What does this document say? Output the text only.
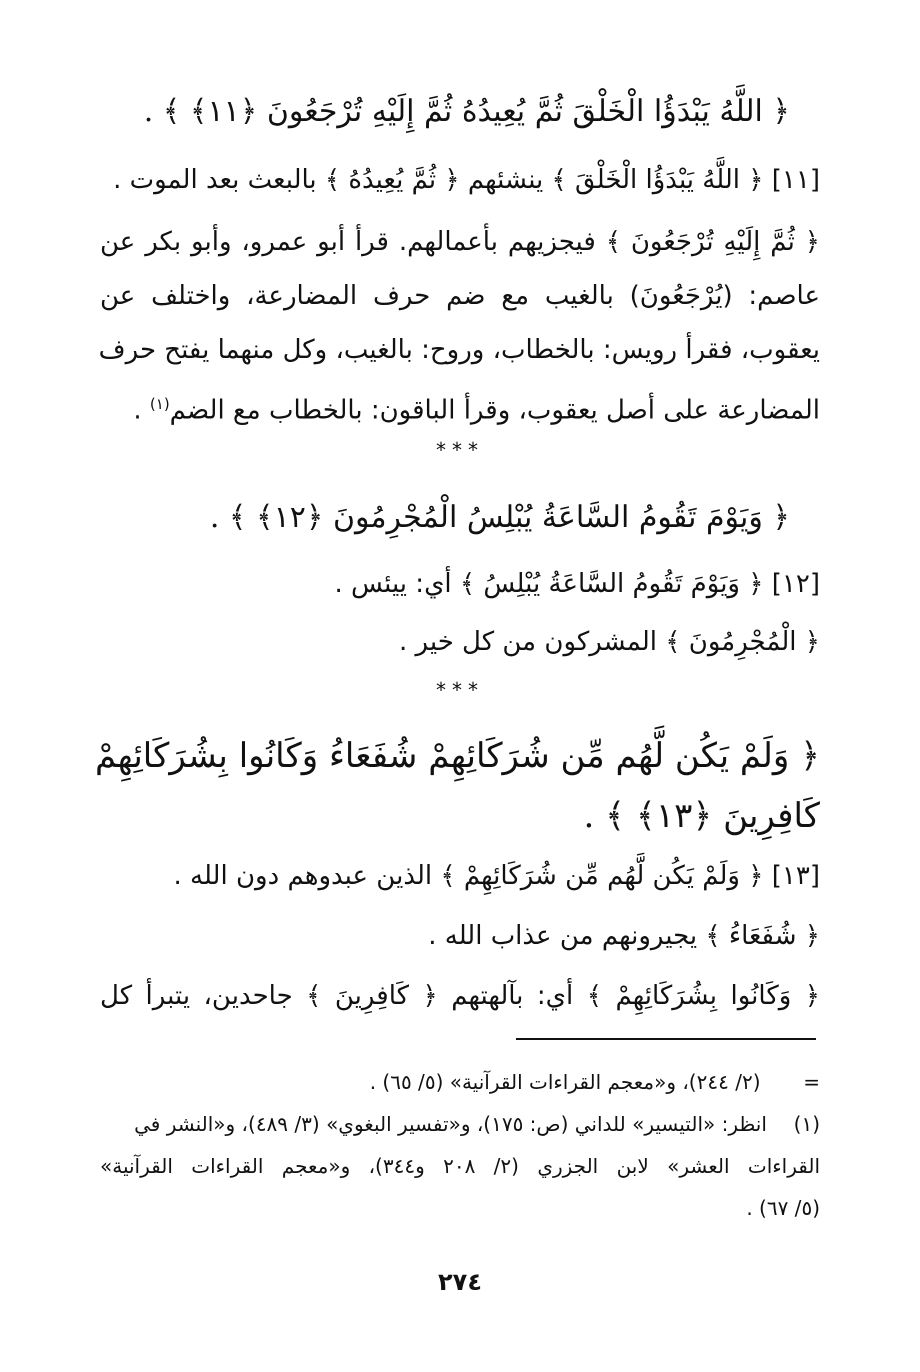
﴿ اللَّهُ يَبْدَؤُا الْخَلْقَ ثُمَّ يُعِيدُهُ ثُمَّ إِلَيْهِ تُرْجَعُونَ ﴿١١﴾ ﴾ .
[١١] ﴿ اللَّهُ يَبْدَؤُا الْخَلْقَ ﴾ ينشئهم ﴿ ثُمَّ يُعِيدُهُ ﴾ بالبعث بعد الموت .
﴿ ثُمَّ إِلَيْهِ تُرْجَعُونَ ﴾ فيجزيهم بأعمالهم. قرأ أبو عمرو، وأبو بكر عن
عاصم: (يُرْجَعُونَ) بالغيب مع ضم حرف المضارعة، واختلف عن
يعقوب، فقرأ رويس: بالخطاب، وروح: بالغيب، وكل منهما يفتح حرف
المضارعة على أصل يعقوب، وقرأ الباقون: بالخطاب مع الضم$^{(١)}$ .
***
﴿ وَيَوْمَ تَقُومُ السَّاعَةُ يُبْلِسُ الْمُجْرِمُونَ ﴿١٢﴾ ﴾ .
[١٢] ﴿ وَيَوْمَ تَقُومُ السَّاعَةُ يُبْلِسُ ﴾ أي: ييئس .
﴿ الْمُجْرِمُونَ ﴾ المشركون من كل خير .
***
﴿ وَلَمْ يَكُن لَّهُم مِّن شُرَكَائِهِمْ شُفَعَاءُ وَكَانُوا بِشُرَكَائِهِمْ
كَافِرِينَ ﴿١٣﴾ ﴾ .
[١٣] ﴿ وَلَمْ يَكُن لَّهُم مِّن شُرَكَائِهِمْ ﴾ الذين عبدوهم دون الله .
﴿ شُفَعَاءُ ﴾ يجيرونهم من عذاب الله .
﴿ وَكَانُوا بِشُرَكَائِهِمْ ﴾ أي: بآلهتهم ﴿ كَافِرِينَ ﴾ جاحدين، يتبرأ كل
=  (٢/ ٢٤٤)، و«معجم القراءات القرآنية» (٥/ ٦٥) .
(١)  انظر: «التيسير» للداني (ص: ١٧٥)، و«تفسير البغوي» (٣/ ٤٨٩)، و«النشر في
القراءات العشر» لابن الجزري (٢/ ٢٠٨ و٣٤٤)، و«معجم القراءات القرآنية»
(٥/ ٦٧) .
٢٧٤
